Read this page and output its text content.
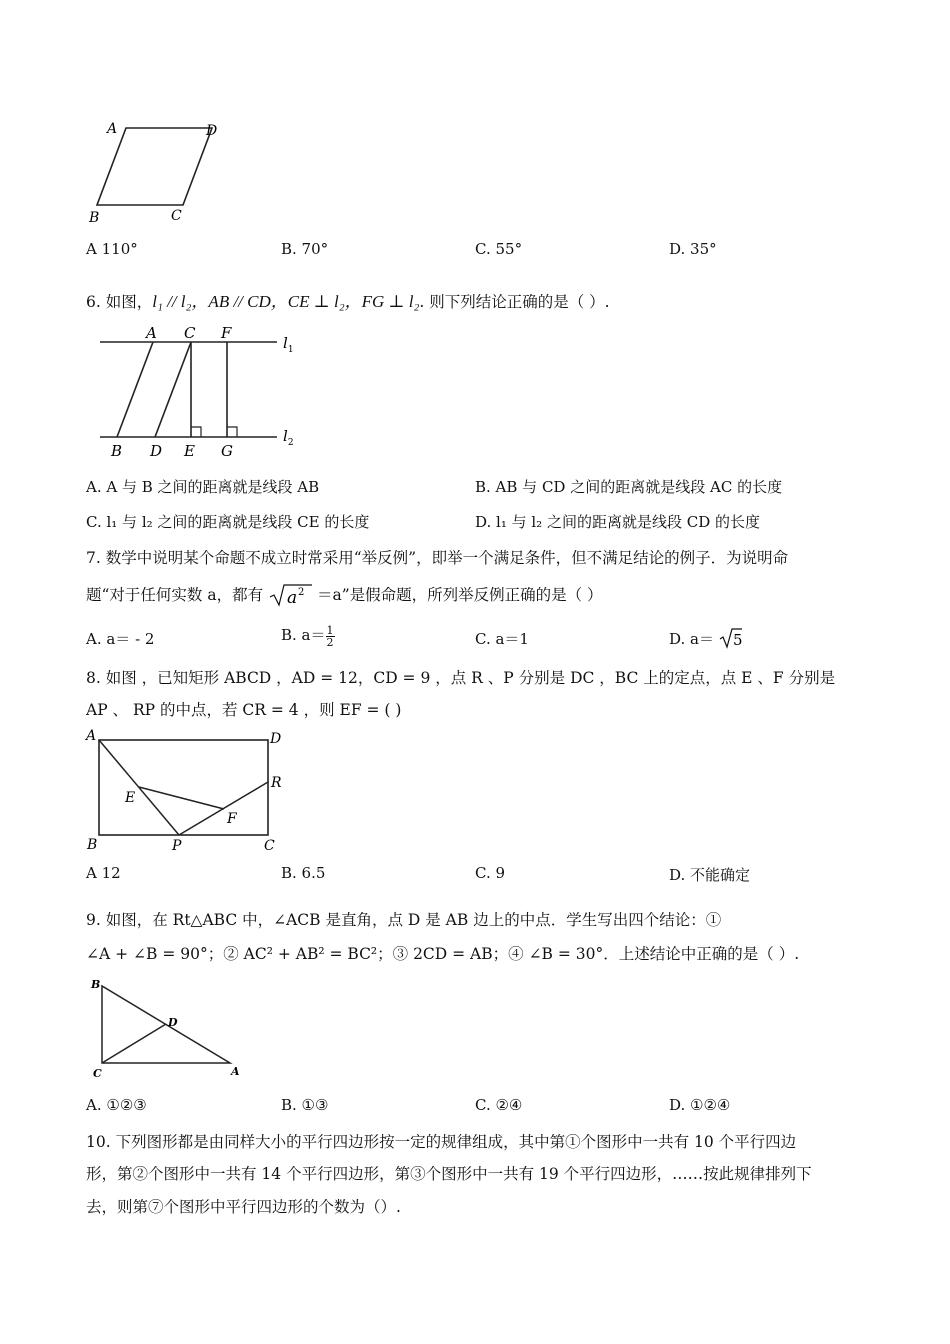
A	D
B	C
A 110°	B. 70°	C. 55°	D. 35°
6. 如图，l₁ // l₂，AB // CD，CE ⊥ l₂，FG ⊥ l₂. 则下列结论正确的是（ ）.
A C F
$l_1$
B D E G
$l_2$
A. A 与 B 之间的距离就是线段 AB	B. AB 与 CD 之间的距离就是线段 AC 的长度
C. l₁ 与 l₂ 之间的距离就是线段 CE 的长度	D. l₁ 与 l₂ 之间的距离就是线段 CD 的长度
7. 数学中说明某个命题不成立时常采用“举反例”，即举一个满足条件，但不满足结论的例子．为说明命
题“对于任何实数 a，都有 a 2 ＝a”是假命题，所列举反例正确的是（ ）
A. a＝ - 2	B. $a= \frac{1}{2}$	C. a＝1	D. a＝ 5
8. 如图 ，已知矩形 ABCD ，AD = 12，CD = 9 ，点 R 、P 分别是 DC ，BC 上的定点，点 E 、F 分别是
AP 、 RP 的中点，若 CR = 4 ，则 EF = ( )
A	D
R
E
F
B	P	C
A 12	B. 6.5	C. 9	D. 不能确定
9. 如图，在 Rt△ABC 中，∠ACB 是直角，点 D 是 AB 边上的中点．学生写出四个结论：①
∠A + ∠B = 90°；② AC² + AB² = BC²；③ 2CD = AB；④ ∠B = 30°．上述结论中正确的是（ ）.
B
D
C	A
A. ①②③	B. ①③	C. ②④	D. ①②④
10. 下列图形都是由同样大小的平行四边形按一定的规律组成，其中第①个图形中一共有 10 个平行四边
形，第②个图形中一共有 14 个平行四边形，第③个图形中一共有 19 个平行四边形，……按此规律排列下
去，则第⑦个图形中平行四边形的个数为（）.
